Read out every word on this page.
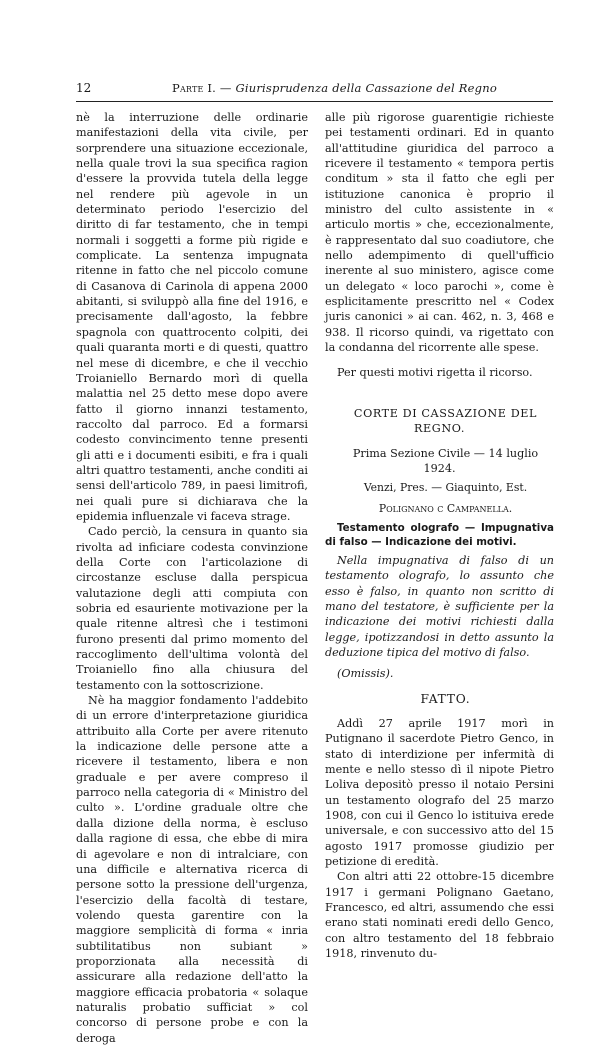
12	Parte I. — Giurisprudenza della Cassazione del Regno

nè la interruzione delle ordinarie manifestazioni della vita civile, per sorprendere una situazione eccezionale, nella quale trovi la sua specifica ragion d'essere la provvida tutela della legge nel rendere più agevole in un determinato periodo l'esercizio del diritto di far testamento, che in tempi normali i soggetti a forme più rigide e complicate. La sentenza impugnata ritenne in fatto che nel piccolo comune di Casanova di Carinola di appena 2000 abitanti, si sviluppò alla fine del 1916, e precisamente dall'agosto, la febbre spagnola con quattrocento colpiti, dei quali quaranta morti e di questi, quattro nel mese di dicembre, e che il vecchio Troianiello Bernardo morì di quella malattia nel 25 detto mese dopo avere fatto il giorno innanzi testamento, raccolto dal parroco. Ed a formarsi codesto convincimento tenne presenti gli atti e i documenti esibiti, e fra i quali altri quattro testamenti, anche conditi ai sensi dell'articolo 789, in paesi limitrofi, nei quali pure si dichiarava che la epidemia influenzale vi faceva strage.

Cado perciò, la censura in quanto sia rivolta ad inficiare codesta convinzione della Corte con l'articolazione di circostanze escluse dalla perspicua valutazione degli atti compiuta con sobria ed esauriente motivazione per la quale ritenne altresì che i testimoni furono presenti dal primo momento del raccoglimento dell'ultima volontà del Troianiello fino alla chiusura del testamento con la sottoscrizione.

Nè ha maggior fondamento l'addebito di un errore d'interpretazione giuridica attribuito alla Corte per avere ritenuto la indicazione delle persone atte a ricevere il testamento, libera e non graduale e per avere compreso il parroco nella categoria di « Ministro del culto ». L'ordine graduale oltre che dalla dizione della norma, è escluso dalla ragione di essa, che ebbe di mira di agevolare e non di intralciare, con una difficile e alternativa ricerca di persone sotto la pressione dell'urgenza, l'esercizio della facoltà di testare, volendo questa garentire con la maggiore semplicità di forma « inria subtilitatibus non subiant » proporzionata alla necessità di assicurare alla redazione dell'atto la maggiore efficacia probatoria « solaque naturalis probatio sufficiat » col concorso di persone probe e con la deroga

alle più rigorose guarentigie richieste pei testamenti ordinari. Ed in quanto all'attitudine giuridica del parroco a ricevere il testamento « tempora pertis conditum » sta il fatto che egli per istituzione canonica è proprio il ministro del culto assistente in « articulo mortis » che, eccezionalmente, è rappresentato dal suo coadiutore, che nello adempimento di quell'ufficio inerente al suo ministero, agisce come un delegato « loco parochi », come è esplicitamente prescritto nel « Codex juris canonici » ai can. 462, n. 3, 468 e 938. Il ricorso quindi, va rigettato con la condanna del ricorrente alle spese.

Per questi motivi rigetta il ricorso.

CORTE DI CASSAZIONE DEL REGNO.

Prima Sezione Civile — 14 luglio 1924.

Venzi, Pres. — Giaquinto, Est.

Polignano c Campanella.

Testamento olografo — Impugnativa di falso — Indicazione dei motivi.

Nella impugnativa di falso di un testamento olografo, lo assunto che esso è falso, in quanto non scritto di mano del testatore, è sufficiente per la indicazione dei motivi richiesti dalla legge, ipotizzandosi in detto assunto la deduzione tipica del motivo di falso.

(Omissis).

FATTO.

Addì 27 aprile 1917 morì in Putignano il sacerdote Pietro Genco, in stato di interdizione per infermità di mente e nello stesso dì il nipote Pietro Loliva depositò presso il notaio Persini un testamento olografo del 25 marzo 1908, con cui il Genco lo istituiva erede universale, e con successivo atto del 15 agosto 1917 promosse giudizio per petizione di eredità.

Con altri atti 22 ottobre-15 dicembre 1917 i germani Polignano Gaetano, Francesco, ed altri, assumendo che essi erano stati nominati eredi dello Genco, con altro testamento del 18 febbraio 1918, rinvenuto du-
